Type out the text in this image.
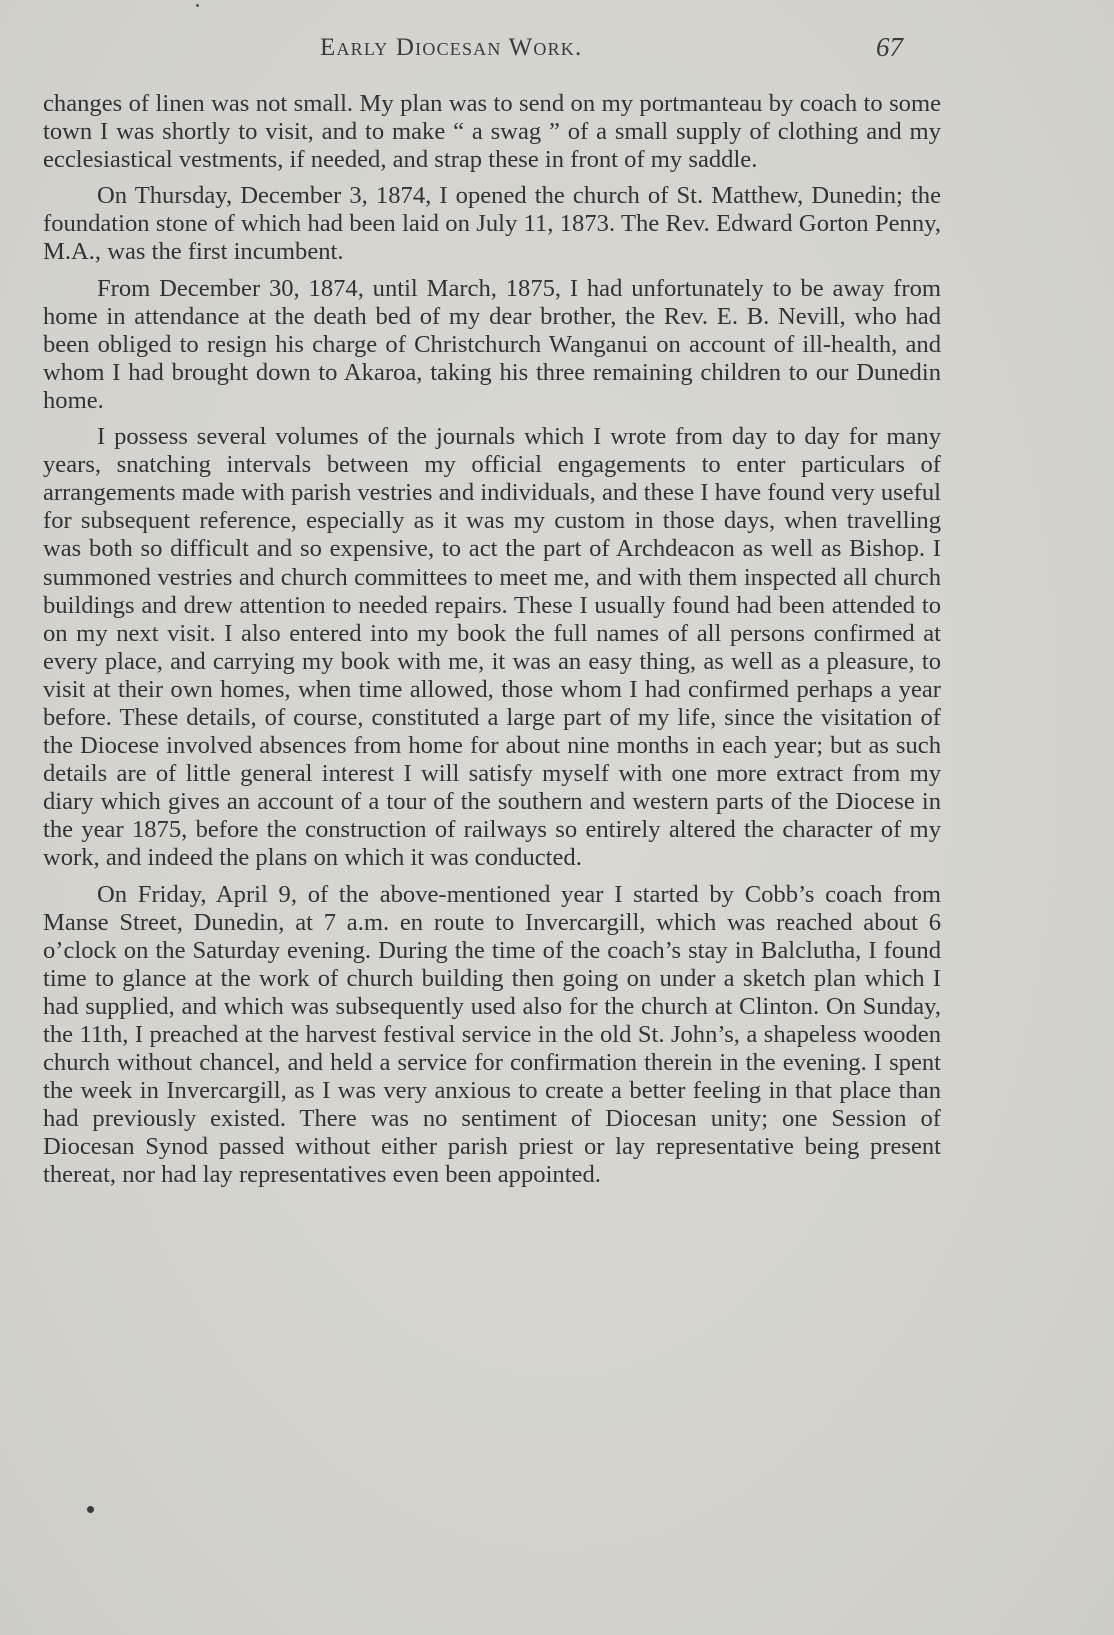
Early Diocesan Work.	67

changes of linen was not small. My plan was to send on my portmanteau by coach to some town I was shortly to visit, and to make “ a swag ” of a small supply of clothing and my ecclesiastical vestments, if needed, and strap these in front of my saddle.

On Thursday, December 3, 1874, I opened the church of St. Matthew, Dunedin; the foundation stone of which had been laid on July 11, 1873. The Rev. Edward Gorton Penny, M.A., was the first incumbent.

From December 30, 1874, until March, 1875, I had unfortunately to be away from home in attendance at the death bed of my dear brother, the Rev. E. B. Nevill, who had been obliged to resign his charge of Christchurch Wanganui on account of ill-health, and whom I had brought down to Akaroa, taking his three remaining children to our Dunedin home.

I possess several volumes of the journals which I wrote from day to day for many years, snatching intervals between my official engagements to enter particulars of arrangements made with parish vestries and individuals, and these I have found very useful for subsequent reference, especially as it was my custom in those days, when travelling was both so difficult and so expensive, to act the part of Archdeacon as well as Bishop. I summoned vestries and church committees to meet me, and with them inspected all church buildings and drew attention to needed repairs. These I usually found had been attended to on my next visit. I also entered into my book the full names of all persons confirmed at every place, and carrying my book with me, it was an easy thing, as well as a pleasure, to visit at their own homes, when time allowed, those whom I had confirmed perhaps a year before. These details, of course, constituted a large part of my life, since the visitation of the Diocese involved absences from home for about nine months in each year; but as such details are of little general interest I will satisfy myself with one more extract from my diary which gives an account of a tour of the southern and western parts of the Diocese in the year 1875, before the construction of railways so entirely altered the character of my work, and indeed the plans on which it was conducted.

On Friday, April 9, of the above-mentioned year I started by Cobb’s coach from Manse Street, Dunedin, at 7 a.m. en route to Invercargill, which was reached about 6 o’clock on the Saturday evening. During the time of the coach’s stay in Balclutha, I found time to glance at the work of church building then going on under a sketch plan which I had supplied, and which was subsequently used also for the church at Clinton. On Sunday, the 11th, I preached at the harvest festival service in the old St. John’s, a shapeless wooden church without chancel, and held a service for confirmation therein in the evening. I spent the week in Invercargill, as I was very anxious to create a better feeling in that place than had previously existed. There was no sentiment of Diocesan unity; one Session of Diocesan Synod passed without either parish priest or lay representative being present thereat, nor had lay representatives even been appointed.
